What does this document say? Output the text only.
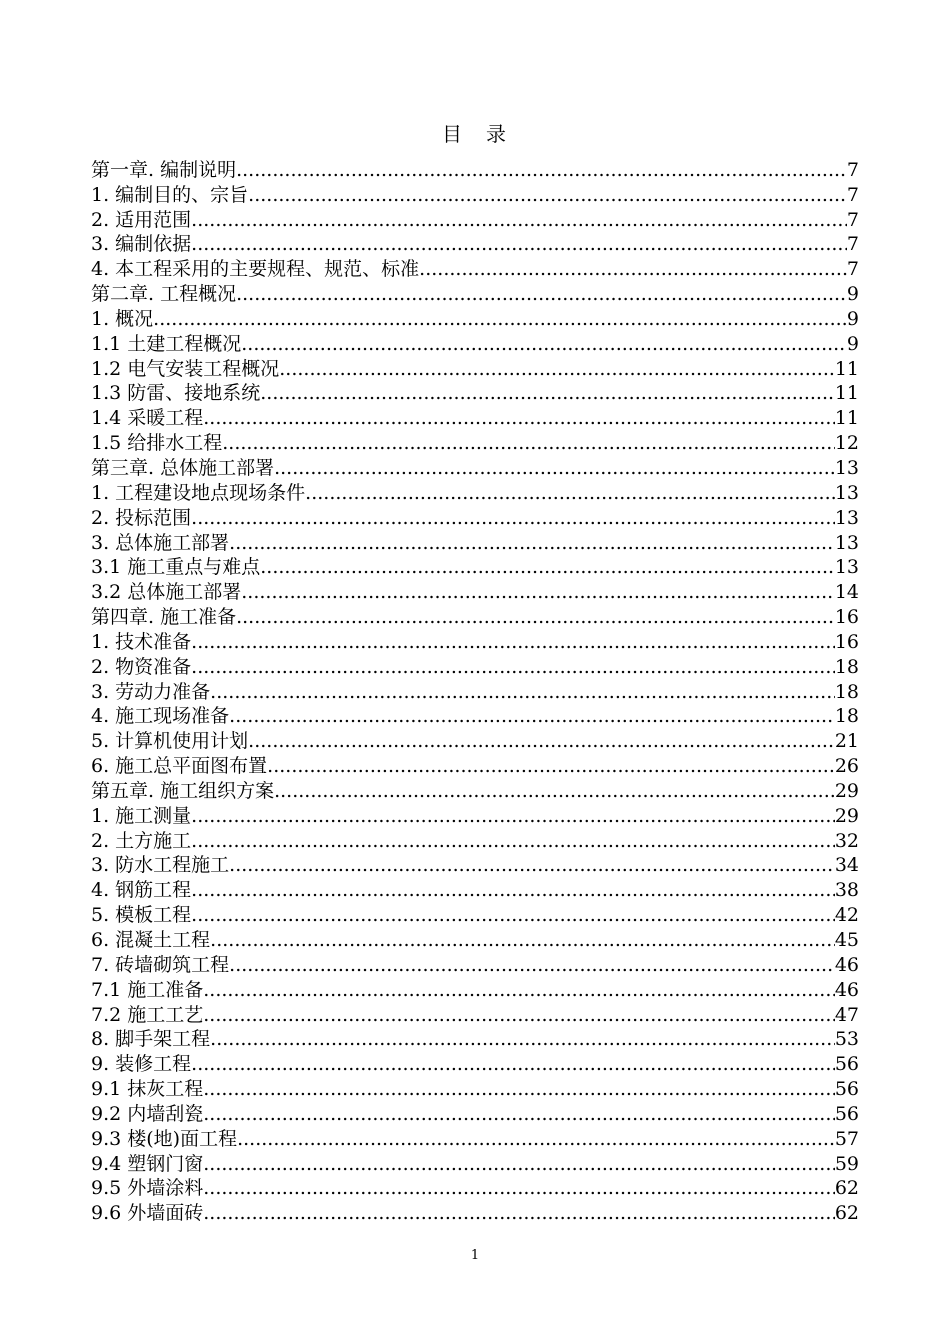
目　录
第一章. 编制说明 .....	7
1. 编制目的、宗旨 .....	7
2. 适用范围 .....	7
3. 编制依据 .....	7
4. 本工程采用的主要规程、规范、标准 .....	7
第二章. 工程概况 .....	9
1. 概况 .....	9
1.1 土建工程概况 .....	9
1.2 电气安装工程概况 .....	11
1.3 防雷、接地系统 .....	11
1.4 采暖工程 .....	11
1.5 给排水工程 .....	12
第三章. 总体施工部署 .....	13
1. 工程建设地点现场条件 .....	13
2. 投标范围 .....	13
3. 总体施工部署 .....	13
3.1 施工重点与难点 .....	13
3.2 总体施工部署 .....	14
第四章. 施工准备 .....	16
1. 技术准备 .....	16
2. 物资准备 .....	18
3. 劳动力准备 .....	18
4. 施工现场准备 .....	18
5. 计算机使用计划 .....	21
6. 施工总平面图布置 .....	26
第五章. 施工组织方案 .....	29
1. 施工测量 .....	29
2. 土方施工 .....	32
3. 防水工程施工 .....	34
4. 钢筋工程 .....	38
5. 模板工程 .....	42
6. 混凝土工程 .....	45
7. 砖墙砌筑工程 .....	46
7.1 施工准备 .....	46
7.2 施工工艺 .....	47
8. 脚手架工程 .....	53
9. 装修工程 .....	56
9.1 抹灰工程 .....	56
9.2 内墙刮瓷 .....	56
9.3 楼(地)面工程 .....	57
9.4 塑钢门窗 .....	59
9.5 外墙涂料 .....	62
9.6 外墙面砖 .....	62
1
